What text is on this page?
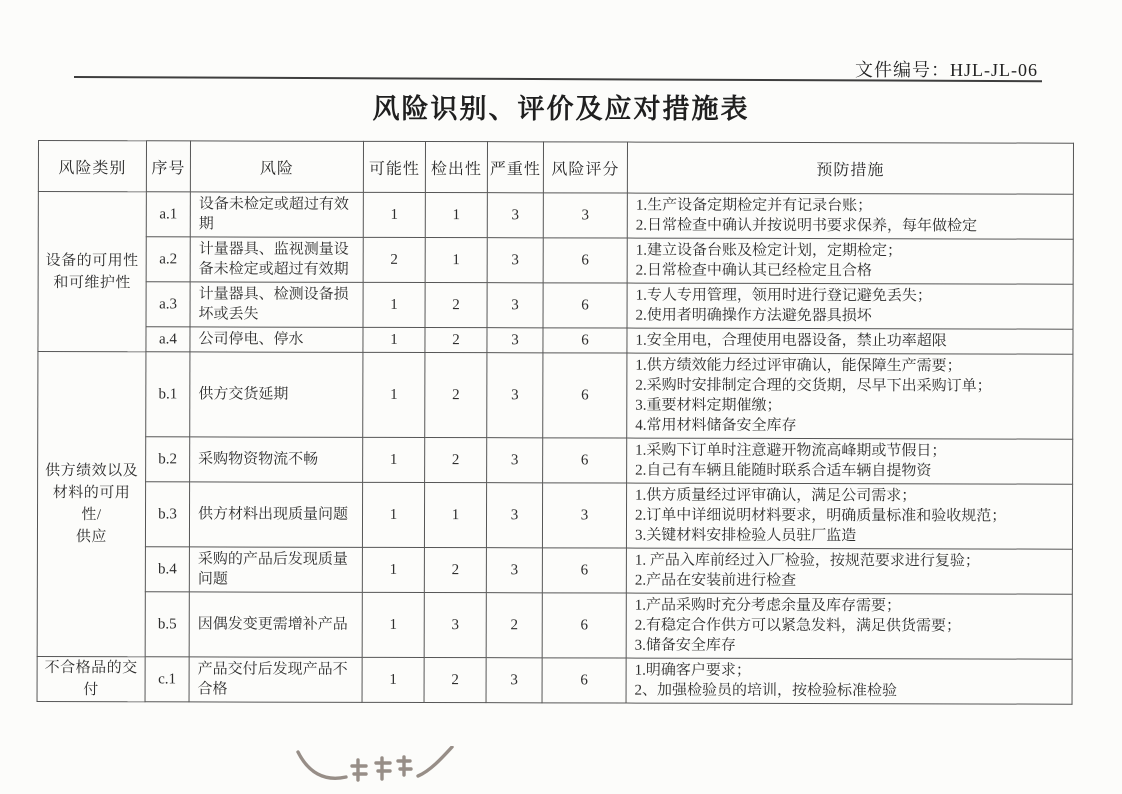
文件编号：HJL-JL-06
风险识别、评价及应对措施表
风险类别	序号	风险	可能性	检出性	严重性	风险评分	预防措施
设备的可用性
和可维护性	a.1	设备未检定或超过有效期	1	1	3	3	
1.生产设备定期检定并有记录台账；
2.日常检查中确认并按说明书要求保养，每年做检定

	a.2	计量器具、监视测量设备未检定或超过有效期	2	1	3	6	1.建立设备台账及检定计划，定期检定；
2.日常检查中确认其已经检定且合格

	a.3	计量器具、检测设备损坏或丢失	1	2	3	6	1.专人专用管理，领用时进行登记避免丢失；
2.使用者明确操作方法避免器具损坏

	a.4	公司停电、停水	1	2	3	6	1.安全用电，合理使用电器设备，禁止功率超限

供方绩效以及
材料的可用性/
供应	b.1	供方交货延期	1	2	3	6	
1.供方绩效能力经过评审确认，能保障生产需要；
2.采购时安排制定合理的交货期，尽早下出采购订单；
3.重要材料定期催缴；
4.常用材料储备安全库存

	b.2	采购物资物流不畅	1	2	3	6	1.采购下订单时注意避开物流高峰期或节假日；
2.自己有车辆且能随时联系合适车辆自提物资

	b.3	供方材料出现质量问题	1	1	3	3	1.供方质量经过评审确认，满足公司需求；
2.订单中详细说明材料要求，明确质量标准和验收规范；
3.关键材料安排检验人员驻厂监造

	b.4	采购的产品后发现质量问题	1	2	3	6	1. 产品入库前经过入厂检验，按规范要求进行复验；
2.产品在安装前进行检查

	b.5	因偶发变更需增补产品	1	3	2	6	1.产品采购时充分考虑余量及库存需要；
2.有稳定合作供方可以紧急发料，满足供货需要；
3.储备安全库存

不合格品的交
付	c.1	产品交付后发现产品不合格	1	2	3	6	
1.明确客户要求；
2、加强检验员的培训，按检验标准检验
